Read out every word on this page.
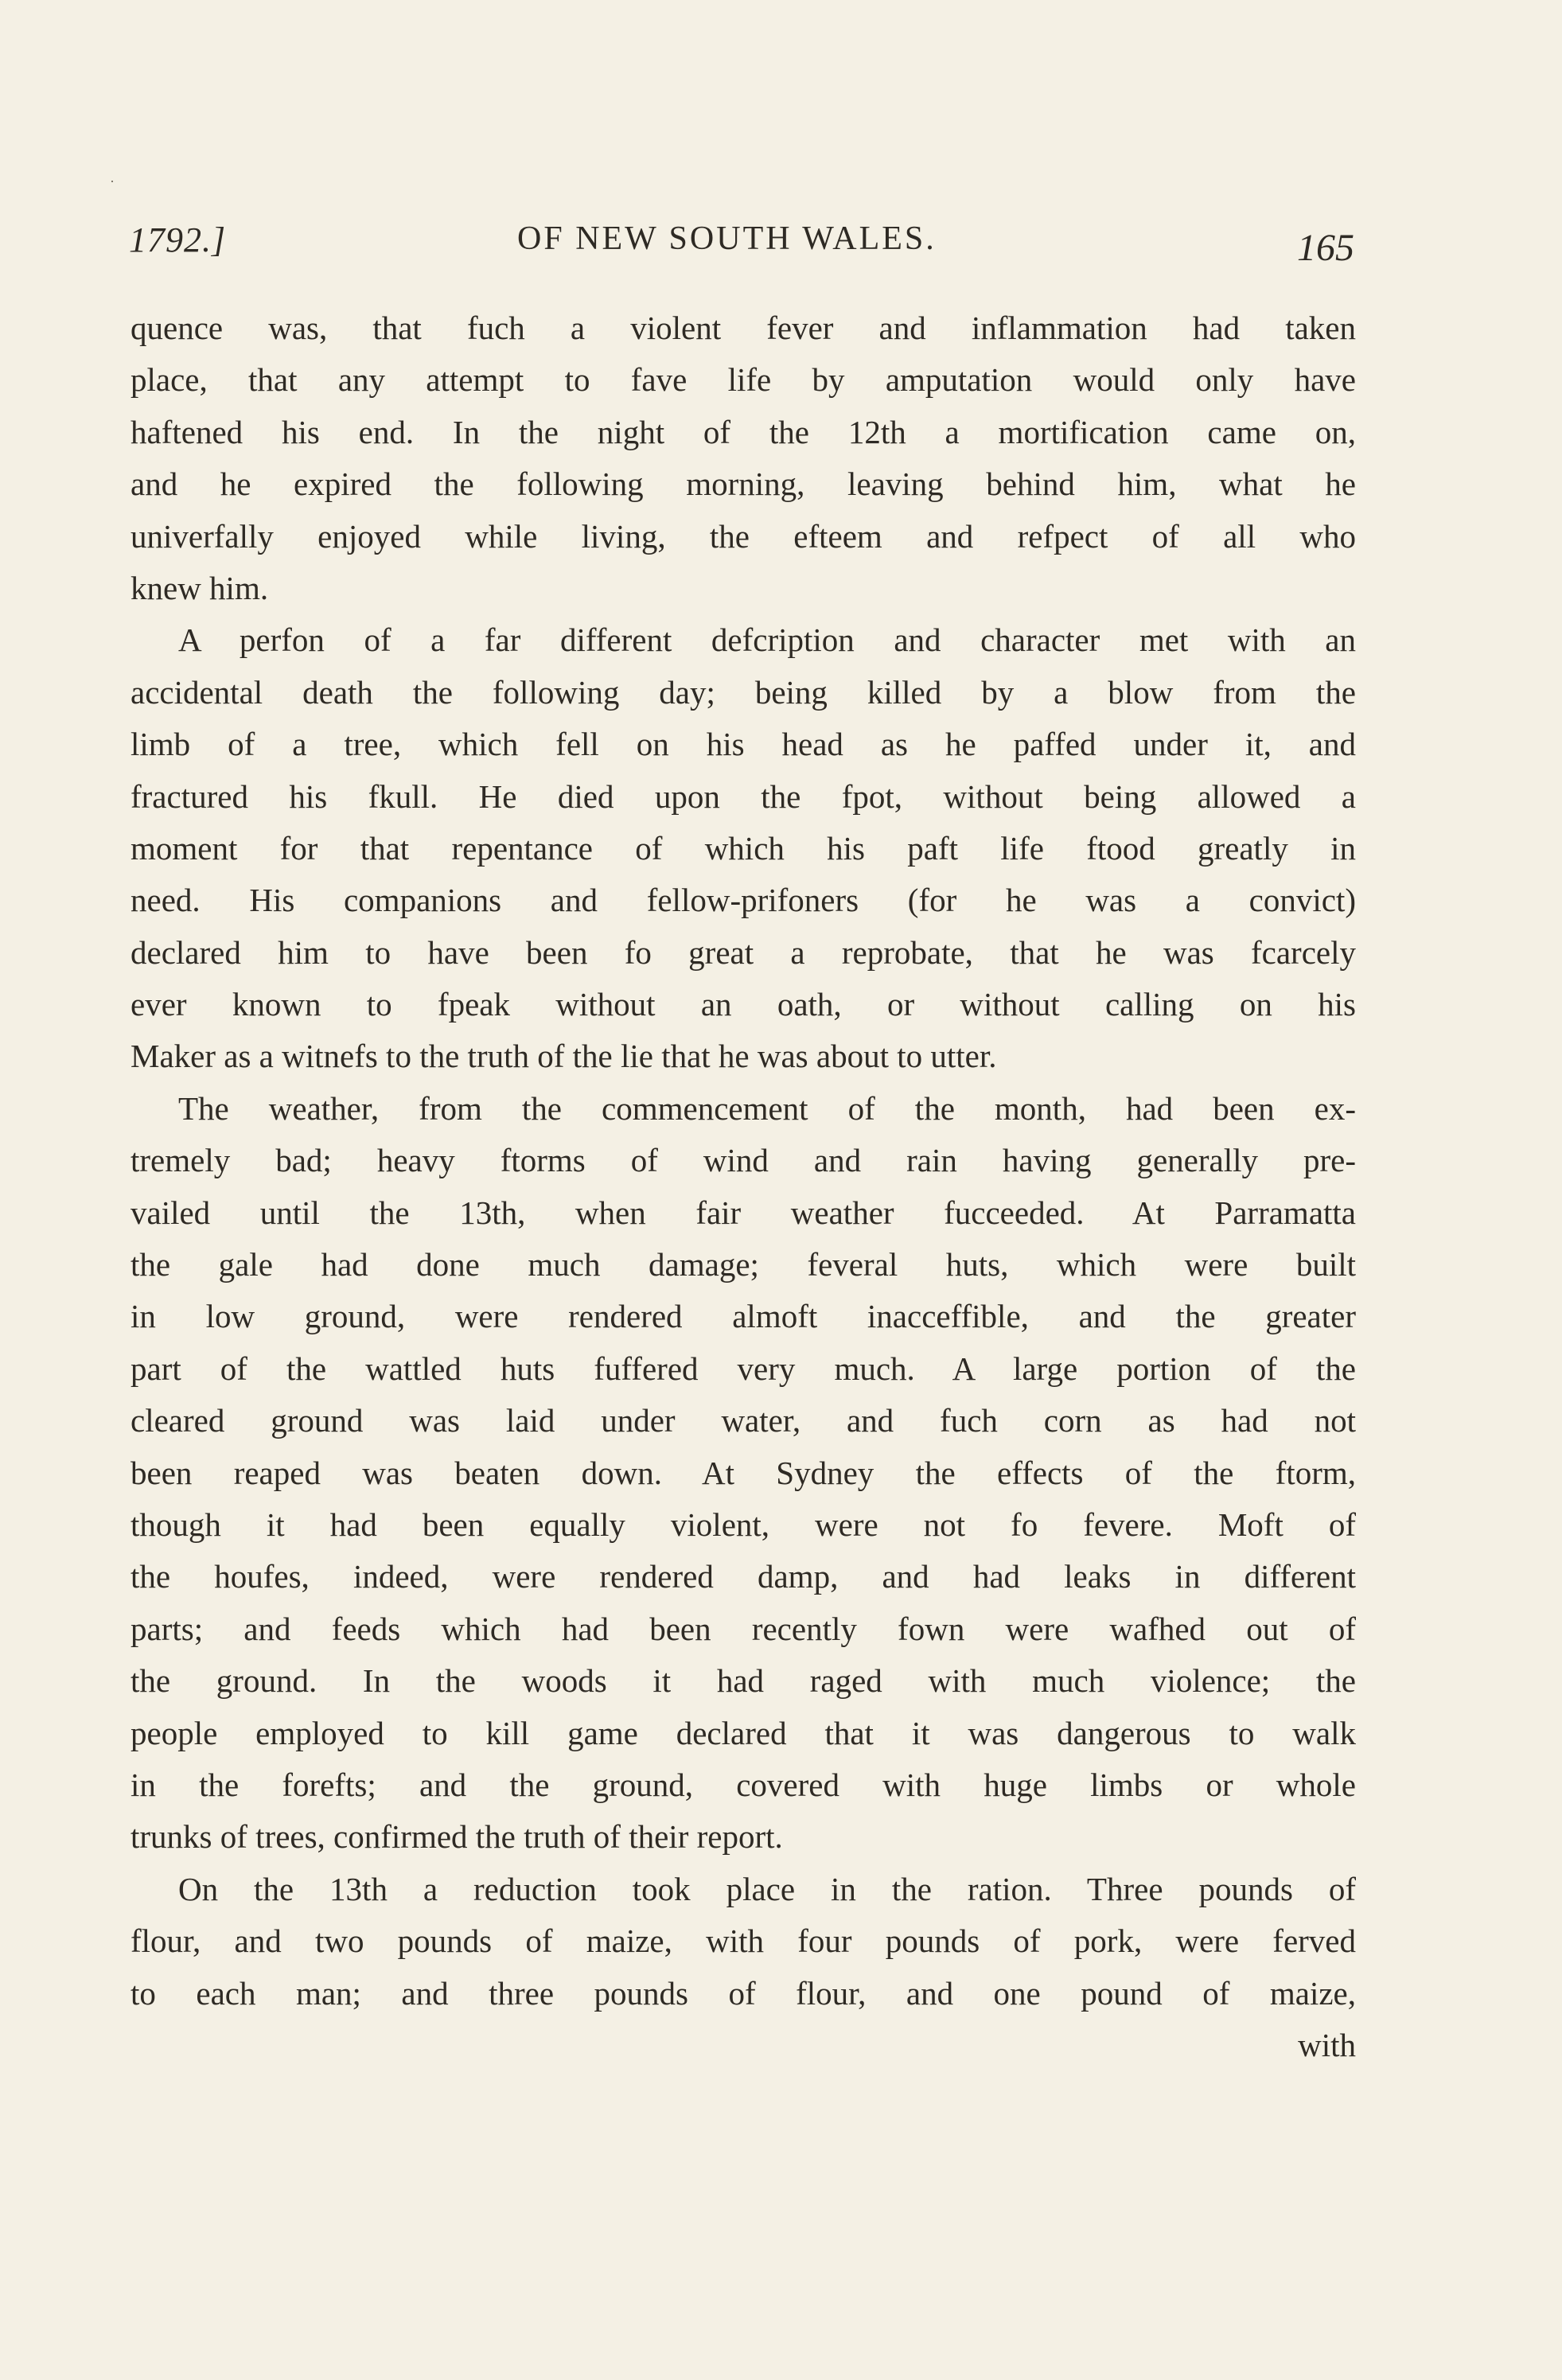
·
1792.]	OF NEW SOUTH WALES.	165
quence was, that fuch a violent fever and inflammation had taken
place, that any attempt to fave life by amputation would only have
haftened his end. In the night of the 12th a mortification came on,
and he expired the following morning, leaving behind him, what he
univerfally enjoyed while living, the efteem and refpect of all who
knew him.
A perfon of a far different defcription and character met with an
accidental death the following day; being killed by a blow from the
limb of a tree, which fell on his head as he paffed under it, and
fractured his fkull. He died upon the fpot, without being allowed a
moment for that repentance of which his paft life ftood greatly in
need. His companions and fellow-prifoners (for he was a convict)
declared him to have been fo great a reprobate, that he was fcarcely
ever known to fpeak without an oath, or without calling on his
Maker as a witnefs to the truth of the lie that he was about to utter.
The weather, from the commencement of the month, had been ex-
tremely bad; heavy ftorms of wind and rain having generally pre-
vailed until the 13th, when fair weather fucceeded. At Parramatta
the gale had done much damage; feveral huts, which were built
in low ground, were rendered almoft inacceffible, and the greater
part of the wattled huts fuffered very much. A large portion of the
cleared ground was laid under water, and fuch corn as had not
been reaped was beaten down. At Sydney the effects of the ftorm,
though it had been equally violent, were not fo fevere. Moft of
the houfes, indeed, were rendered damp, and had leaks in different
parts; and feeds which had been recently fown were wafhed out of
the ground. In the woods it had raged with much violence; the
people employed to kill game declared that it was dangerous to walk
in the forefts; and the ground, covered with huge limbs or whole
trunks of trees, confirmed the truth of their report.
On the 13th a reduction took place in the ration. Three pounds of
flour, and two pounds of maize, with four pounds of pork, were ferved
to each man; and three pounds of flour, and one pound of maize,
with
